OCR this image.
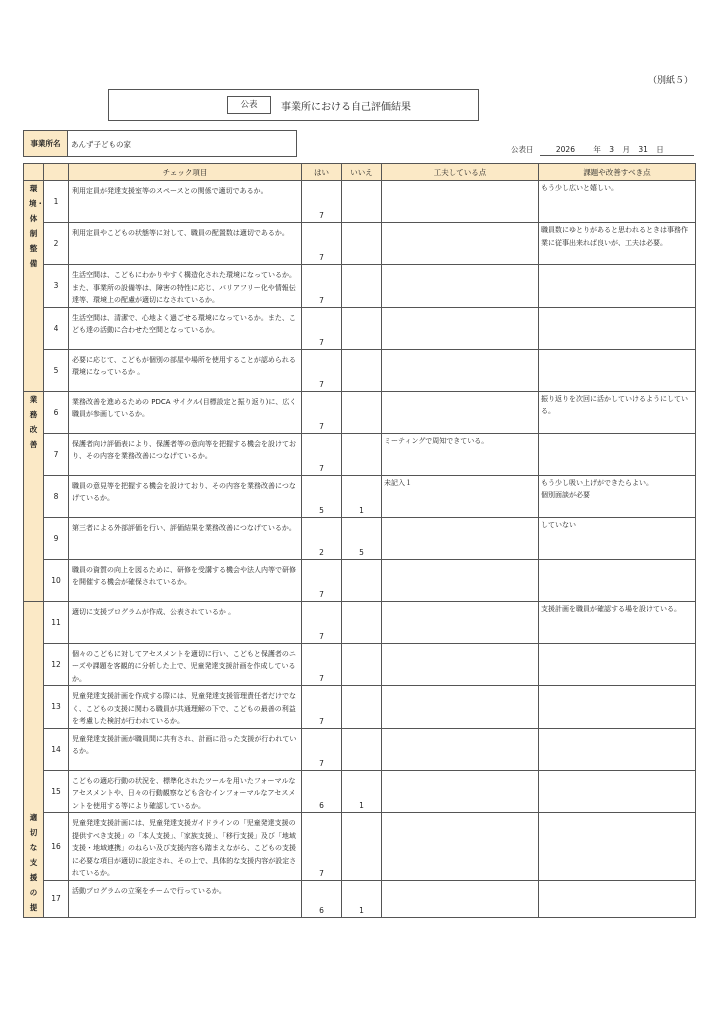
（別紙５）
公表	事業所における自己評価結果
事業所名	あんず子どもの家
公表日	2026 年 3 月 31 日
		チェック項目	はい	いいえ	工夫している点	課題や改善すべき点
環境・体制整備	1	利用定員が発達支援室等のスペースとの関係で適切であるか。	7			もう少し広いと嬉しい。
	2	利用定員やこどもの状態等に対して、職員の配置数は適切であるか。	7			職員数にゆとりがあると思われるときは事務作業に従事出来れば良いが、工夫は必要。
	3	生活空間は、こどもにわかりやすく構造化された環境になっているか。また、事業所の設備等は、障害の特性に応じ、バリアフリー化や情報伝達等、環境上の配慮が適切になされているか。	7			
	4	生活空間は、清潔で、心地よく過ごせる環境になっているか。また、こども達の活動に合わせた空間となっているか。	7			
	5	必要に応じて、こどもが個別の部屋や場所を使用することが認められる環境になっているか 。	7			
業務改善	6	業務改善を進めるための PDCA サイクル(目標設定と振り返り)に、広く職員が参画しているか。	7			振り返りを次回に活かしていけるようにしている。
	7	保護者向け評価表により、保護者等の意向等を把握する機会を設けており、その内容を業務改善につなげているか。	7		ミーティングで周知できている。	
	8	職員の意見等を把握する機会を設けており、その内容を業務改善につなげているか。	5	1	未記入１	もう少し吸い上げができたらよい。
個別面談が必要
	9	第三者による外部評価を行い、評価結果を業務改善につなげているか。	2	5		していない
	10	職員の資質の向上を図るために、研修を受講する機会や法人内等で研修を開催する機会が確保されているか。	7			
適切な支援の提	11	適切に支援プログラムが作成、公表されているか 。	7			支援計画を職員が確認する場を設けている。
	12	個々のこどもに対してアセスメントを適切に行い、こどもと保護者のニーズや課題を客観的に分析した上で、児童発達支援計画を作成しているか。	7			
	13	児童発達支援計画を作成する際には、児童発達支援管理責任者だけでなく、こどもの支援に関わる職員が共通理解の下で、こどもの最善の利益を考慮した検討が行われているか。	7			
	14	児童発達支援計画が職員間に共有され、計画に沿った支援が行われているか。	7			
	15	こどもの適応行動の状況を、標準化されたツールを用いたフォーマルなアセスメントや、日々の行動観察なども含むインフォーマルなアセスメントを使用する等により確認しているか。	6	1		
	16	児童発達支援計画には、児童発達支援ガイドラインの「児童発達支援の提供すべき支援」の「本人支援」、「家族支援」、「移行支援」及び「地域支援・地域連携」のねらい及び支援内容も踏まえながら、こどもの支援に必要な項目が適切に設定され、その上で、具体的な支援内容が設定されているか。	7			
	17	活動プログラムの立案をチームで行っているか。	6	1		
